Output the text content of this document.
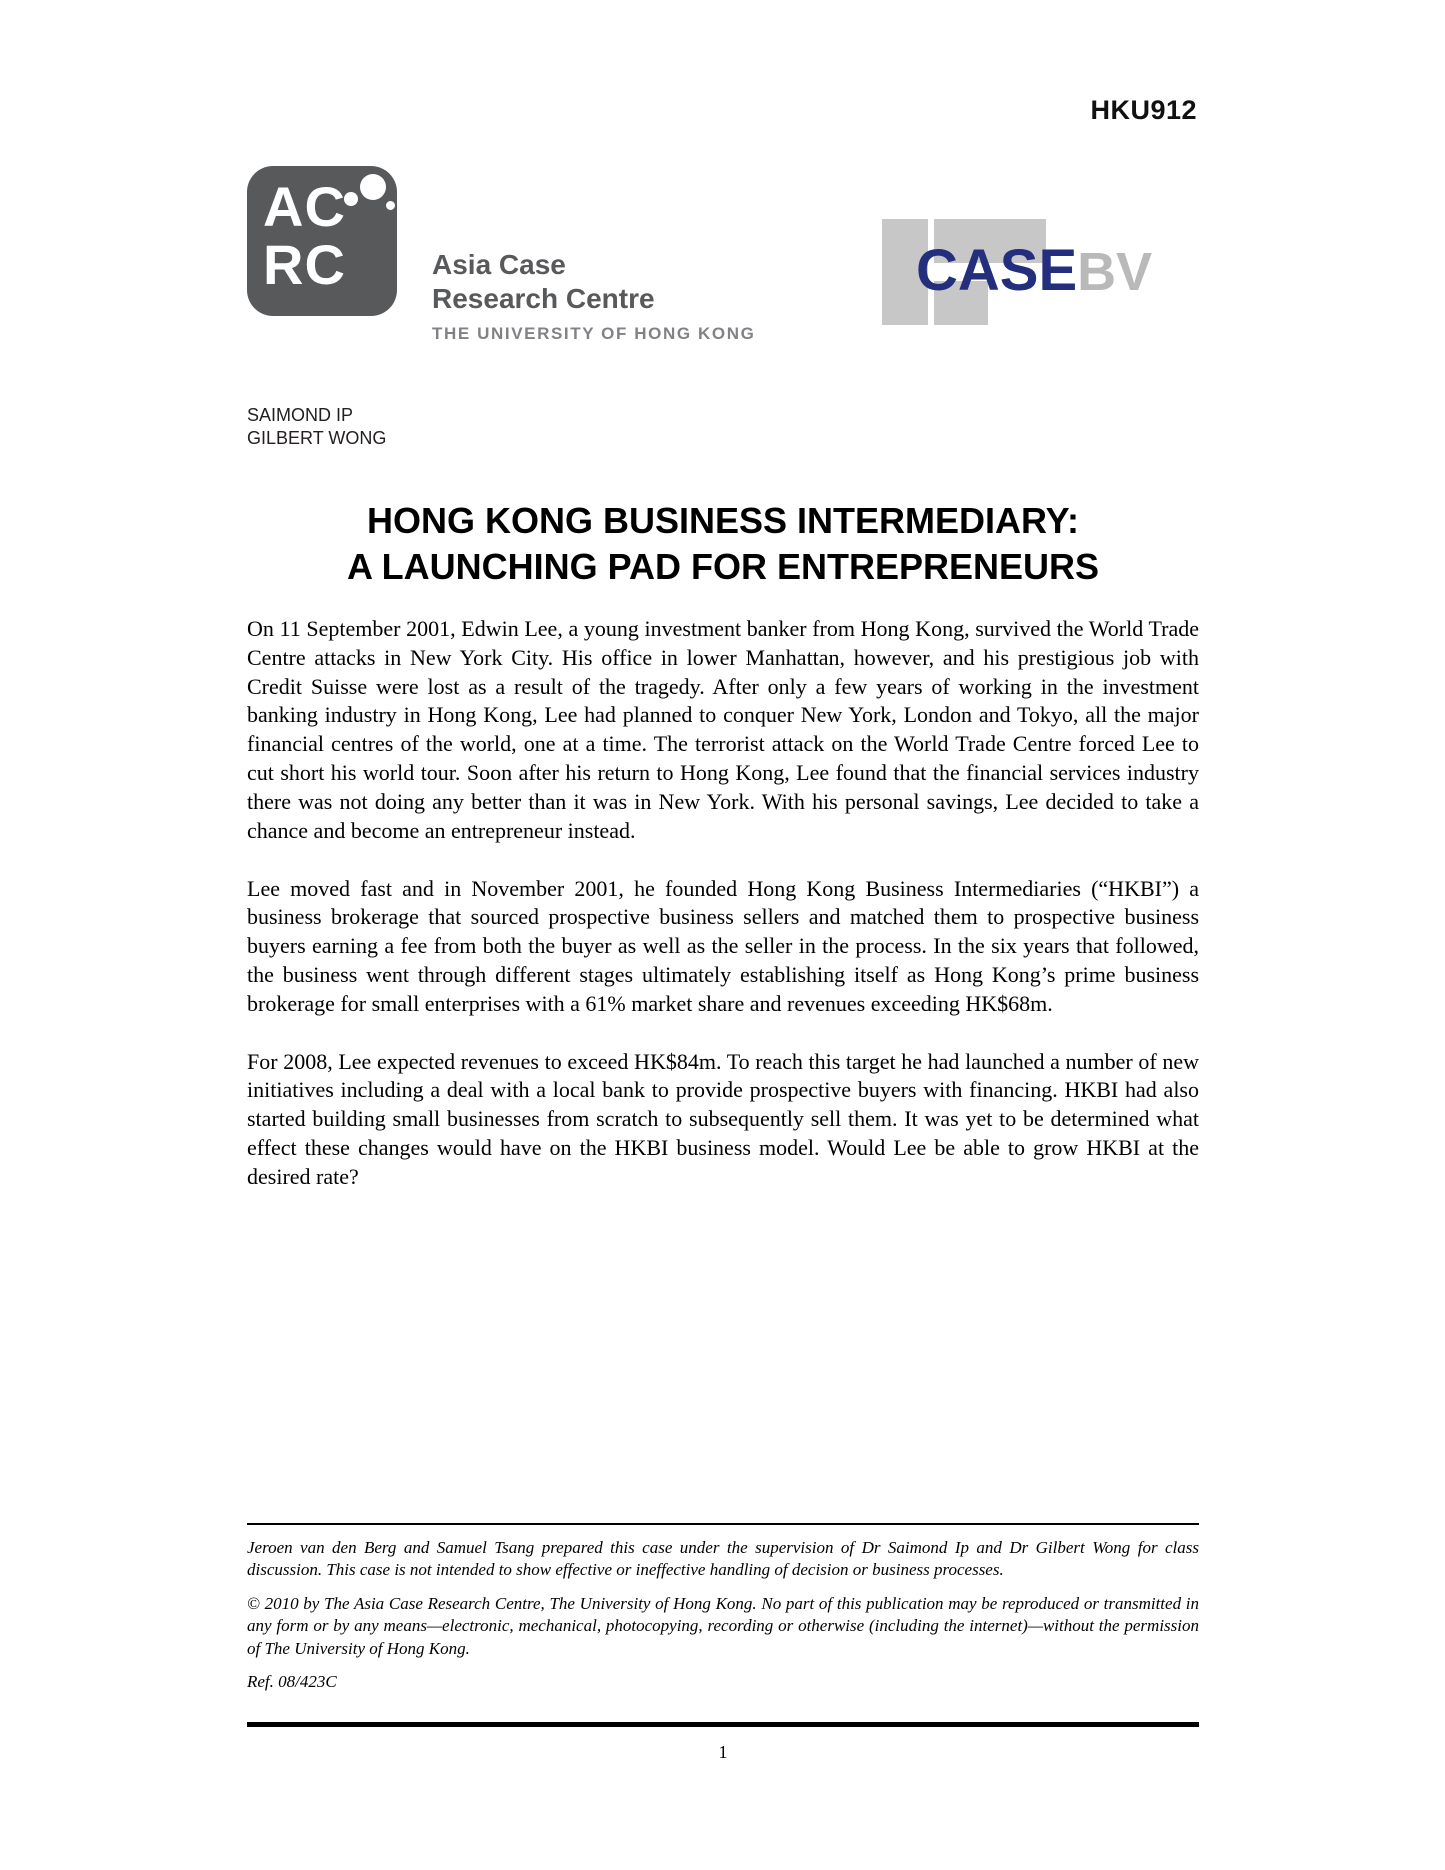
HKU912
AC
RC	Asia Case
Research Centre
THE UNIVERSITY OF HONG KONG
CASEBV
SAIMOND IP
GILBERT WONG
HONG KONG BUSINESS INTERMEDIARY:
A LAUNCHING PAD FOR ENTREPRENEURS

On 11 September 2001, Edwin Lee, a young investment banker from Hong Kong, survived the World Trade Centre attacks in New York City. His office in lower Manhattan, however, and his prestigious job with Credit Suisse were lost as a result of the tragedy. After only a few years of working in the investment banking industry in Hong Kong, Lee had planned to conquer New York, London and Tokyo, all the major financial centres of the world, one at a time. The terrorist attack on the World Trade Centre forced Lee to cut short his world tour. Soon after his return to Hong Kong, Lee found that the financial services industry there was not doing any better than it was in New York. With his personal savings, Lee decided to take a chance and become an entrepreneur instead.

Lee moved fast and in November 2001, he founded Hong Kong Business Intermediaries (“HKBI”) a business brokerage that sourced prospective business sellers and matched them to prospective business buyers earning a fee from both the buyer as well as the seller in the process. In the six years that followed, the business went through different stages ultimately establishing itself as Hong Kong’s prime business brokerage for small enterprises with a 61% market share and revenues exceeding HK$68m.

For 2008, Lee expected revenues to exceed HK$84m. To reach this target he had launched a number of new initiatives including a deal with a local bank to provide prospective buyers with financing. HKBI had also started building small businesses from scratch to subsequently sell them. It was yet to be determined what effect these changes would have on the HKBI business model. Would Lee be able to grow HKBI at the desired rate?

Jeroen van den Berg and Samuel Tsang prepared this case under the supervision of Dr Saimond Ip and Dr Gilbert Wong for class discussion. This case is not intended to show effective or ineffective handling of decision or business processes.

© 2010 by The Asia Case Research Centre, The University of Hong Kong. No part of this publication may be reproduced or transmitted in any form or by any means—electronic, mechanical, photocopying, recording or otherwise (including the internet)—without the permission of The University of Hong Kong.

Ref. 08/423C

1
